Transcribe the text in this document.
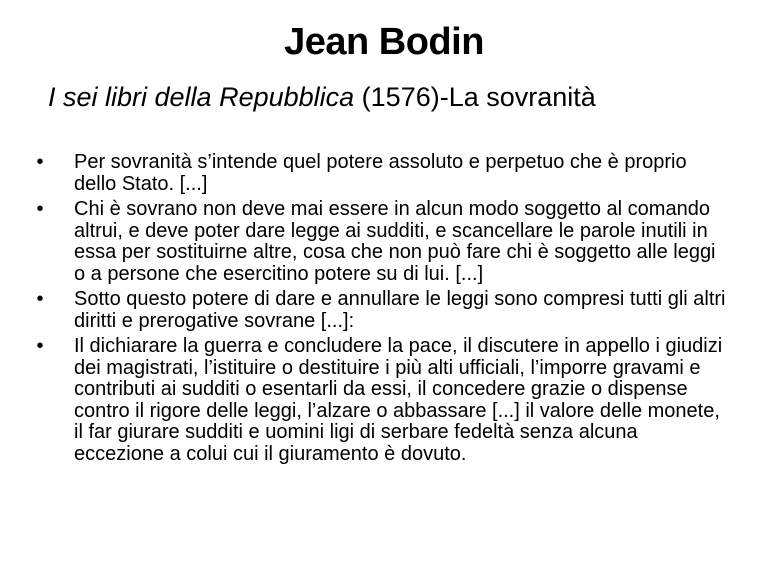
Jean Bodin
I sei libri della Repubblica (1576)-La sovranità
•	Per sovranità s’intende quel potere assoluto e perpetuo che è proprio dello Stato. [...]
•	Chi è sovrano non deve mai essere in alcun modo soggetto al comando altrui, e deve poter dare legge ai sudditi, e scancellare le parole inutili in essa per sostituirne altre, cosa che non può fare chi è soggetto alle leggi o a persone che esercitino potere su di lui. [...]
•	Sotto questo potere di dare e annullare le leggi sono compresi tutti gli altri diritti e prerogative sovrane [...]:
•	Il dichiarare la guerra e concludere la pace, il discutere in appello i giudizi dei magistrati, l’istituire o destituire i più alti ufficiali, l’imporre gravami e contributi ai sudditi o esentarli da essi, il concedere grazie o dispense contro il rigore delle leggi, l’alzare o abbassare [...] il valore delle monete, il far giurare sudditi e uomini ligi di serbare fedeltà senza alcuna eccezione a colui cui il giuramento è dovuto.
